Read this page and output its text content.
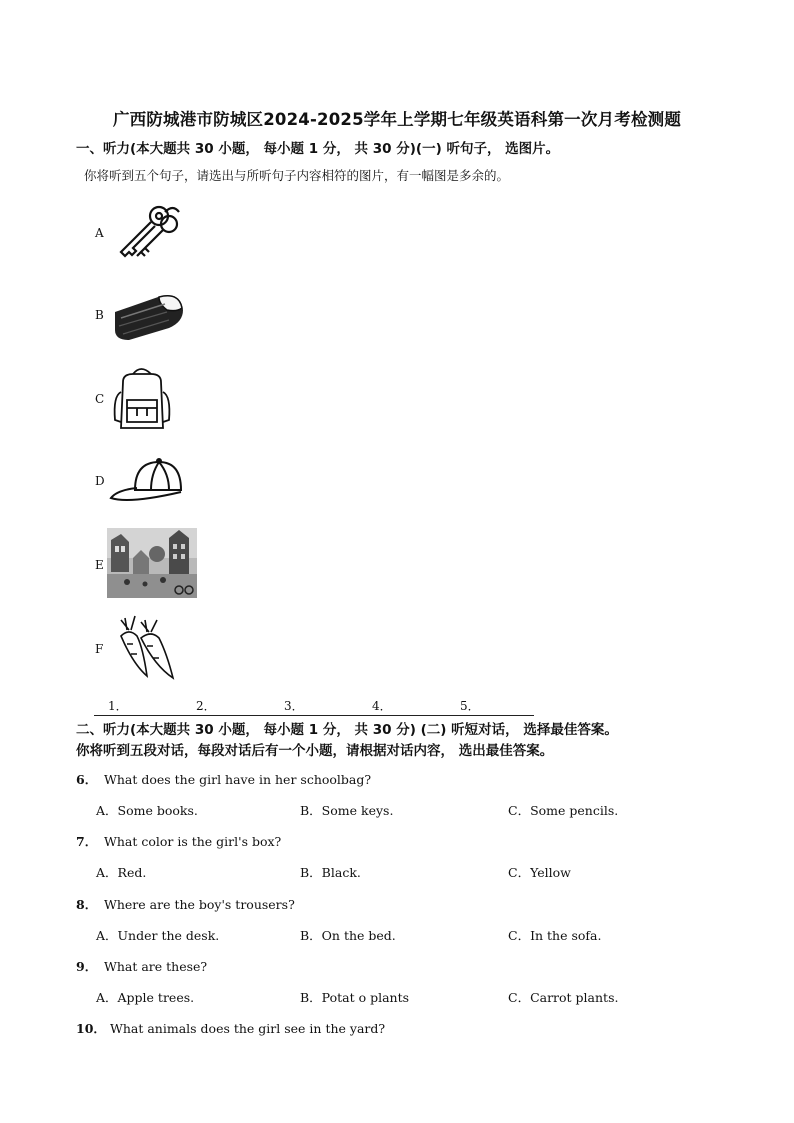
广西防城港市防城区2024-2025学年上学期七年级英语科第一次月考检测题
一、听力(本大题共 30 小题， 每小题 1 分， 共 30 分)(一) 听句子， 选图片。
你将听到五个句子，请选出与所听句子内容相符的图片，有一幅图是多余的。
A
B
C
D
E
F
1．	2．	3．	4．	5．
二、听力(本大题共 30 小题， 每小题 1 分， 共 30 分) (二) 听短对话， 选择最佳答案。
你将听到五段对话，每段对话后有一个小题，请根据对话内容， 选出最佳答案。
6． What does the girl have in her schoolbag?
A．Some books.	B．Some keys.	C．Some pencils.
7． What color is the girl's box?
A．Red.	B．Black.	C．Yellow
8． Where are the boy's trousers?
A．Under the desk.	B．On the bed.	C．In the sofa.
9． What are these?
A．Apple trees.	B．Potat o plants	C．Carrot plants.
10． What animals does the girl see in the yard?
